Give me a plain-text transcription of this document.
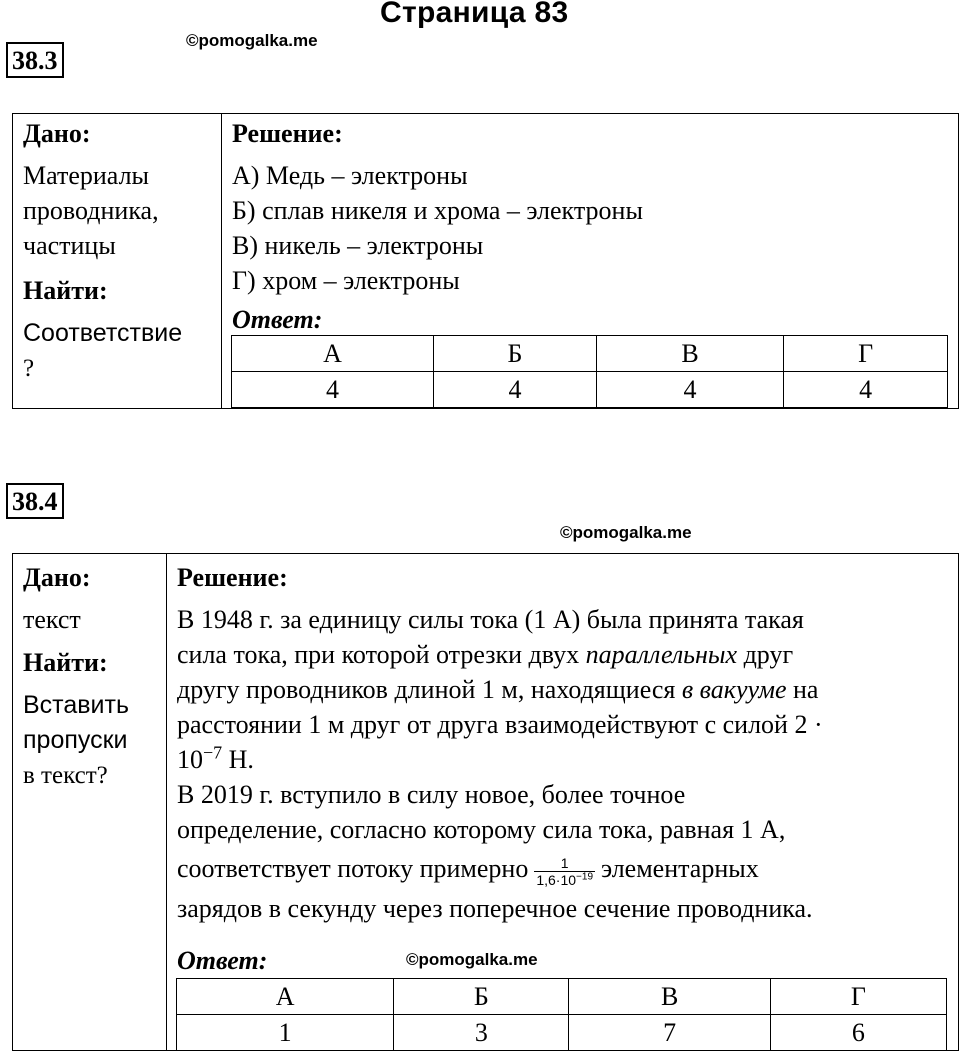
Страница 83
©pomogalka.me
38.3
Дано:
Материалы
проводника,
частицы
Найти:
Соответствие
?
Решение:
А) Медь – электроны
Б) сплав никеля и хрома – электроны
В) никель – электроны
Г) хром – электроны
Ответ:
А	Б	В	Г
4	4	4	4
38.4
©pomogalka.me
Дано:
текст
Найти:
Вставить
пропуски
в текст?
Решение:
В 1948 г. за единицу силы тока (1 А) была принята такая
сила тока, при которой отрезки двух параллельных друг
другу проводников длиной 1 м, находящиеся в вакууме на
расстоянии 1 м друг от друга взаимодействуют с силой 2 ·
$10^{-7}$ Н.
В 2019 г. вступило в силу новое, более точное
определение, согласно которому сила тока, равная 1 А,
соответствует потоку примерно $\frac{1}{1,6\cdot 10^{-19}}$ элементарных
зарядов в секунду через поперечное сечение проводника.
Ответ:	©pomogalka.me
А	Б	В	Г
1	3	7	6
